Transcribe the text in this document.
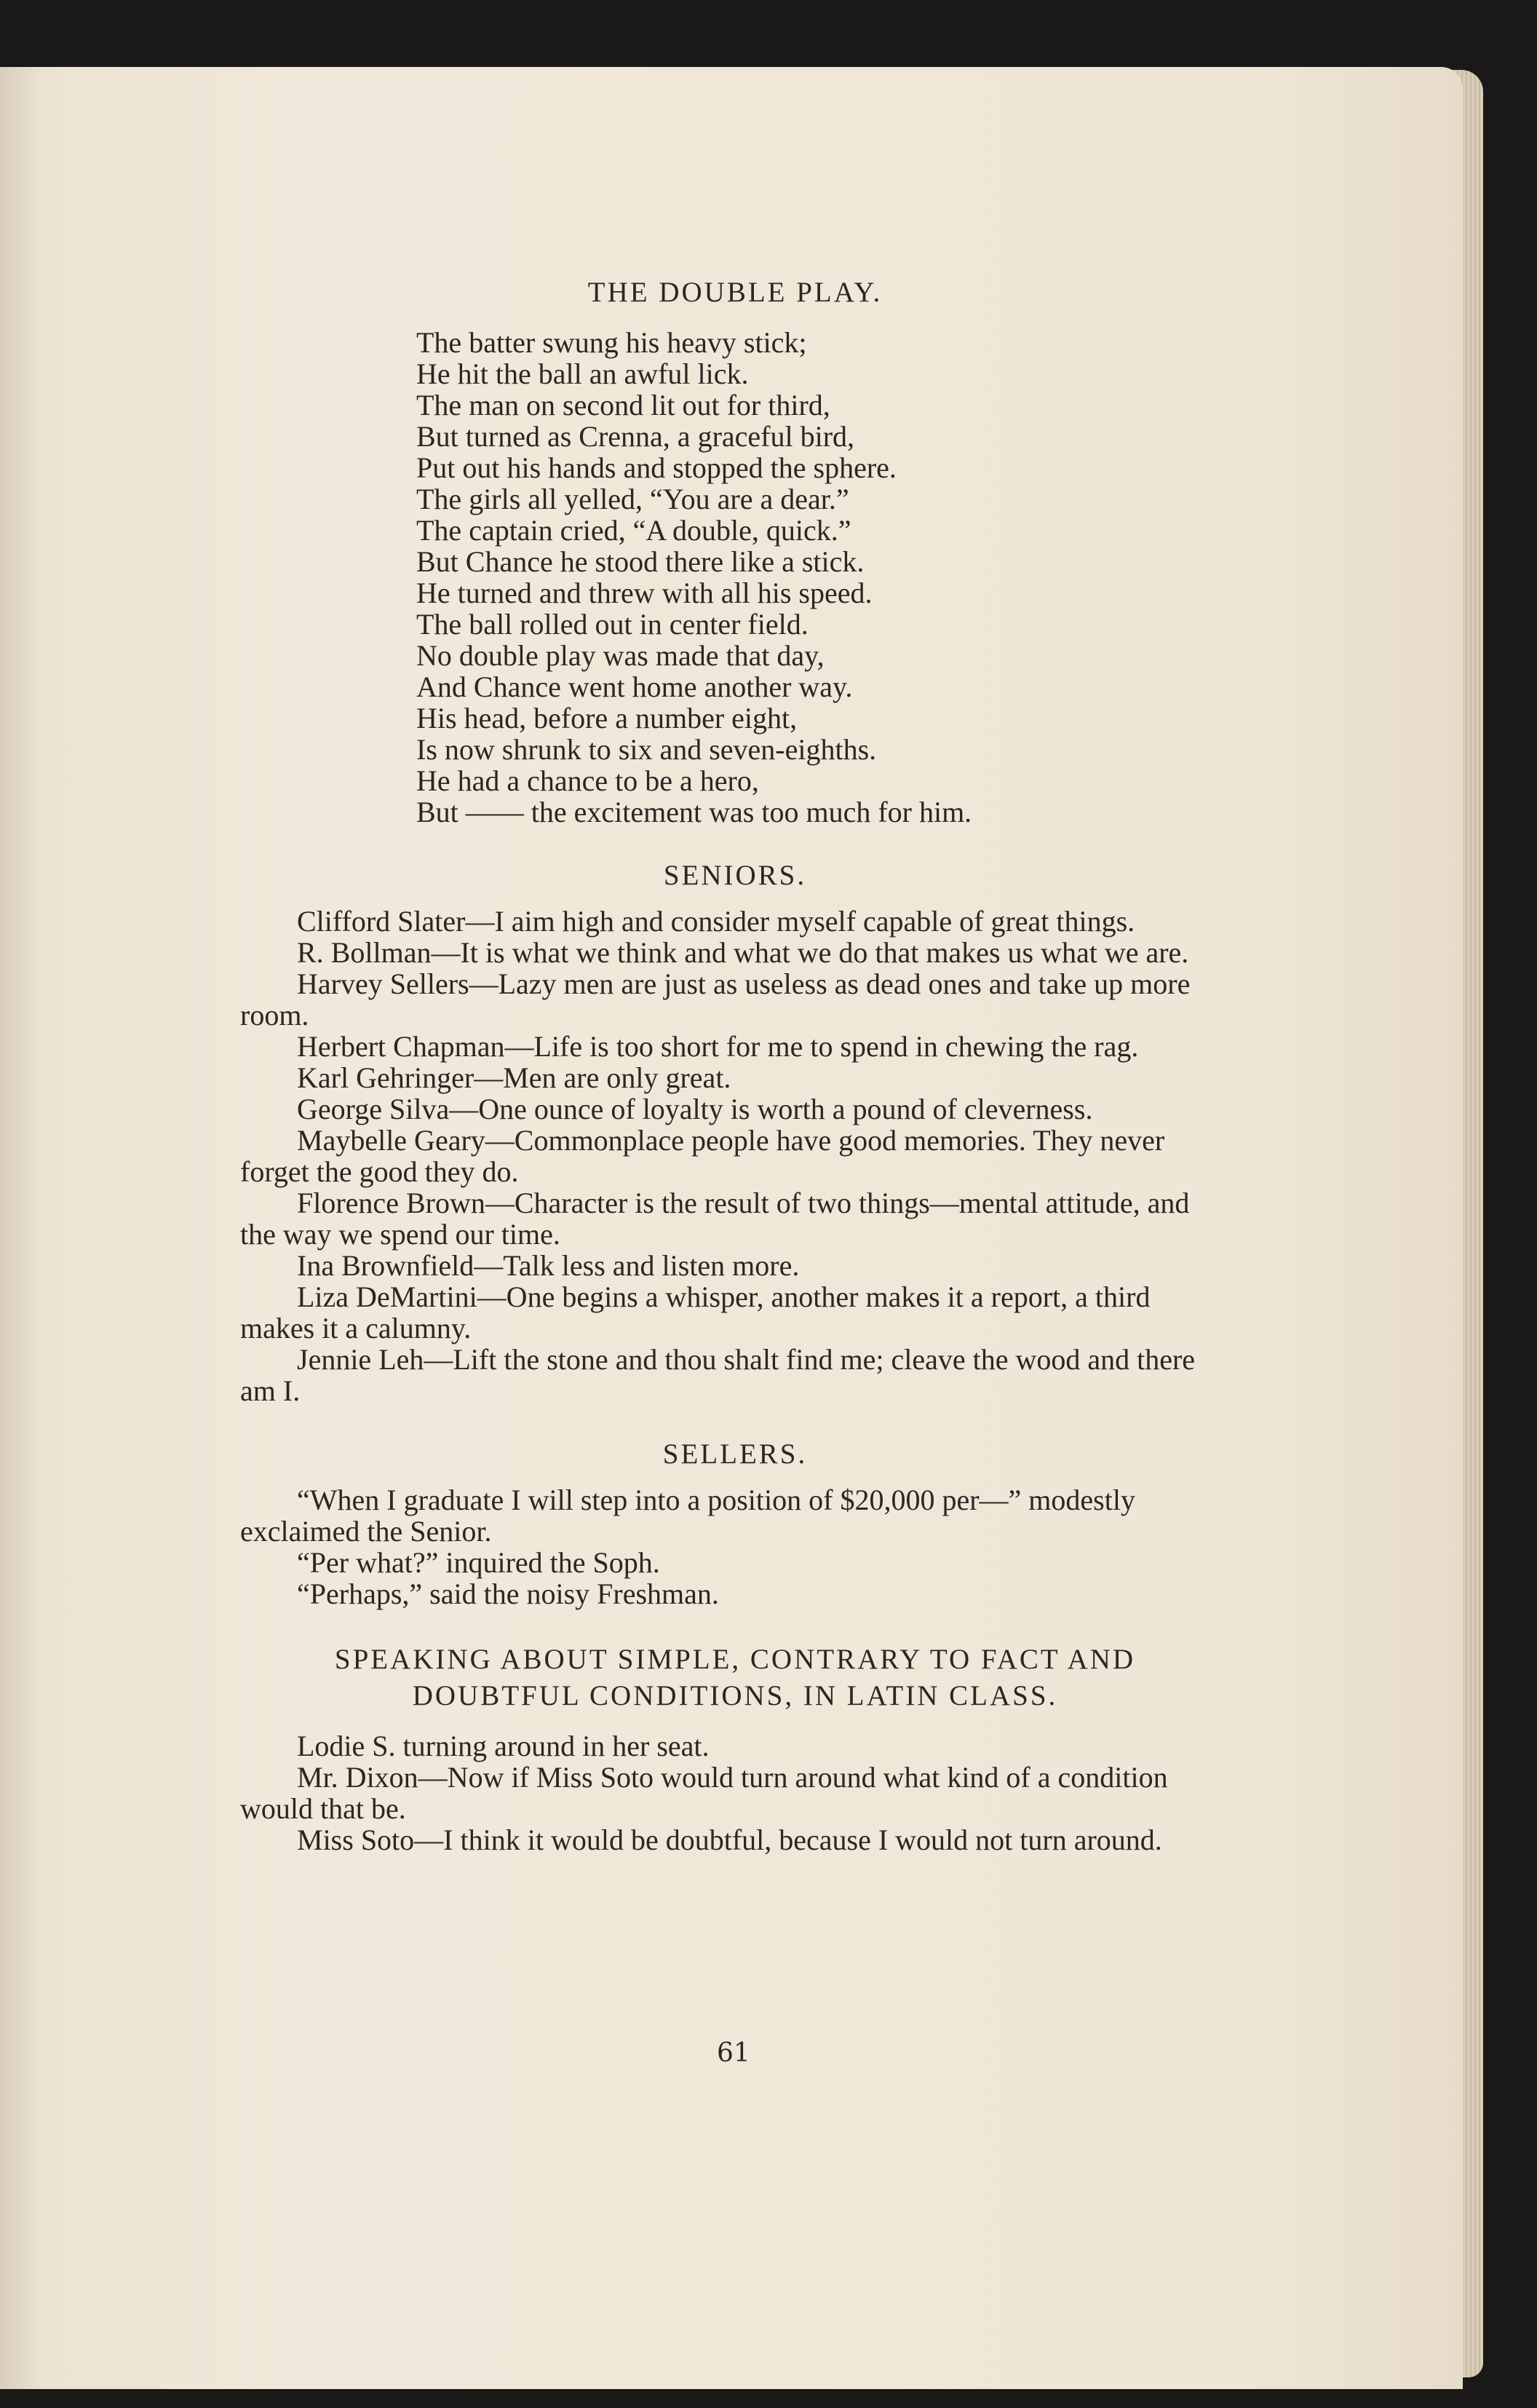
THE DOUBLE PLAY.
The batter swung his heavy stick;
He hit the ball an awful lick.
The man on second lit out for third,
But turned as Crenna, a graceful bird,
Put out his hands and stopped the sphere.
The girls all yelled, “You are a dear.”
The captain cried, “A double, quick.”
But Chance he stood there like a stick.
He turned and threw with all his speed.
The ball rolled out in center field.
No double play was made that day,
And Chance went home another way.
His head, before a number eight,
Is now shrunk to six and seven-eighths.
He had a chance to be a hero,
But —— the excitement was too much for him.
SENIORS.

Clifford Slater—I aim high and consider myself capable of great things.

R. Bollman—It is what we think and what we do that makes us what we are.

Harvey Sellers—Lazy men are just as useless as dead ones and take up more room.

Herbert Chapman—Life is too short for me to spend in chewing the rag.

Karl Gehringer—Men are only great.

George Silva—One ounce of loyalty is worth a pound of cleverness.

Maybelle Geary—Commonplace people have good memories. They never forget the good they do.

Florence Brown—Character is the result of two things—mental attitude, and the way we spend our time.

Ina Brownfield—Talk less and listen more.

Liza DeMartini—One begins a whisper, another makes it a report, a third makes it a calumny.

Jennie Leh—Lift the stone and thou shalt find me; cleave the wood and there am I.

SELLERS.

“When I graduate I will step into a position of $20,000 per—” modestly exclaimed the Senior.

“Per what?” inquired the Soph.

“Perhaps,” said the noisy Freshman.

SPEAKING ABOUT SIMPLE, CONTRARY TO FACT AND
DOUBTFUL CONDITIONS, IN LATIN CLASS.

Lodie S. turning around in her seat.

Mr. Dixon—Now if Miss Soto would turn around what kind of a condition would that be.

Miss Soto—I think it would be doubtful, because I would not turn around.

61
